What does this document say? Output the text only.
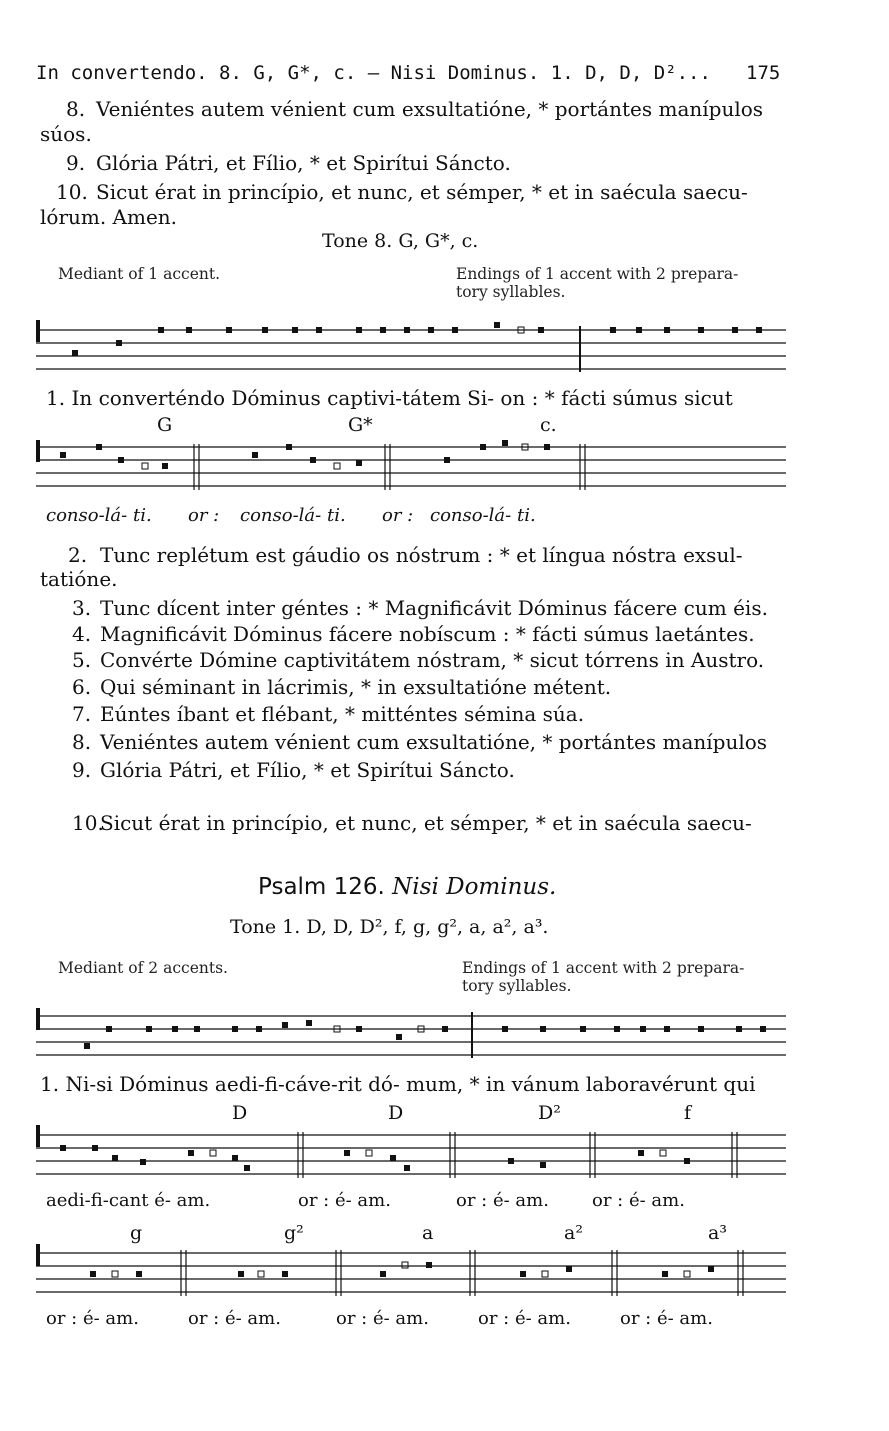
In convertendo. 8. G, G*, c. — Nisi Dominus. 1. D, D, D²... 175
8. Veniéntes autem vénient cum exsultatióne, * portántes manípulos
súos.
9. Glória Pátri, et Fílio, * et Spirítui Sáncto.
10. Sicut érat in princípio, et nunc, et sémper, * et in saécula saecu-
lórum. Amen.
Tone 8. G, G*, c.
Mediant of 1 accent.	Endings of 1 accent with 2 prepara-
tory syllables.
1. In converténdo Dóminus captivi-tátem Si- on : * fácti súmus sicut
G	G*	c.
conso-lá- ti. or : conso-lá- ti. or : conso-lá- ti.
2. Tunc replétum est gáudio os nóstrum : * et língua nóstra exsul-
tatióne.
3. Tunc dícent inter géntes : * Magnificávit Dóminus fácere cum éis.
4. Magnificávit Dóminus fácere nobíscum : * fácti súmus laetántes.
5. Convérte Dómine captivitátem nóstram, * sicut tórrens in Austro.
6. Qui séminant in lácrimis, * in exsultatióne métent.
7. Eúntes íbant et flébant, * mitténtes sémina súa.
8. Veniéntes autem vénient cum exsultatióne, * portántes manípulos
9. Glória Pátri, et Fílio, * et Spirítui Sáncto.
10.
Sicut érat in princípio, et nunc, et sémper, * et in saécula saecu-
Psalm 126. Nisi Dominus.
Tone 1. D, D, D², f, g, g², a, a², a³.
Mediant of 2 accents.	Endings of 1 accent with 2 prepara-
tory syllables.
1. Ni-si Dóminus aedi-fi-cáve-rit dó- mum, * in vánum laboravérunt qui
D	D	D²	f
aedi-fi-cant é- am.	or : é- am.	or : é- am. or : é- am.
g	g²	a	a²	a³
or : é- am.	or : é- am.	or : é- am.	or : é- am.	or : é- am.
